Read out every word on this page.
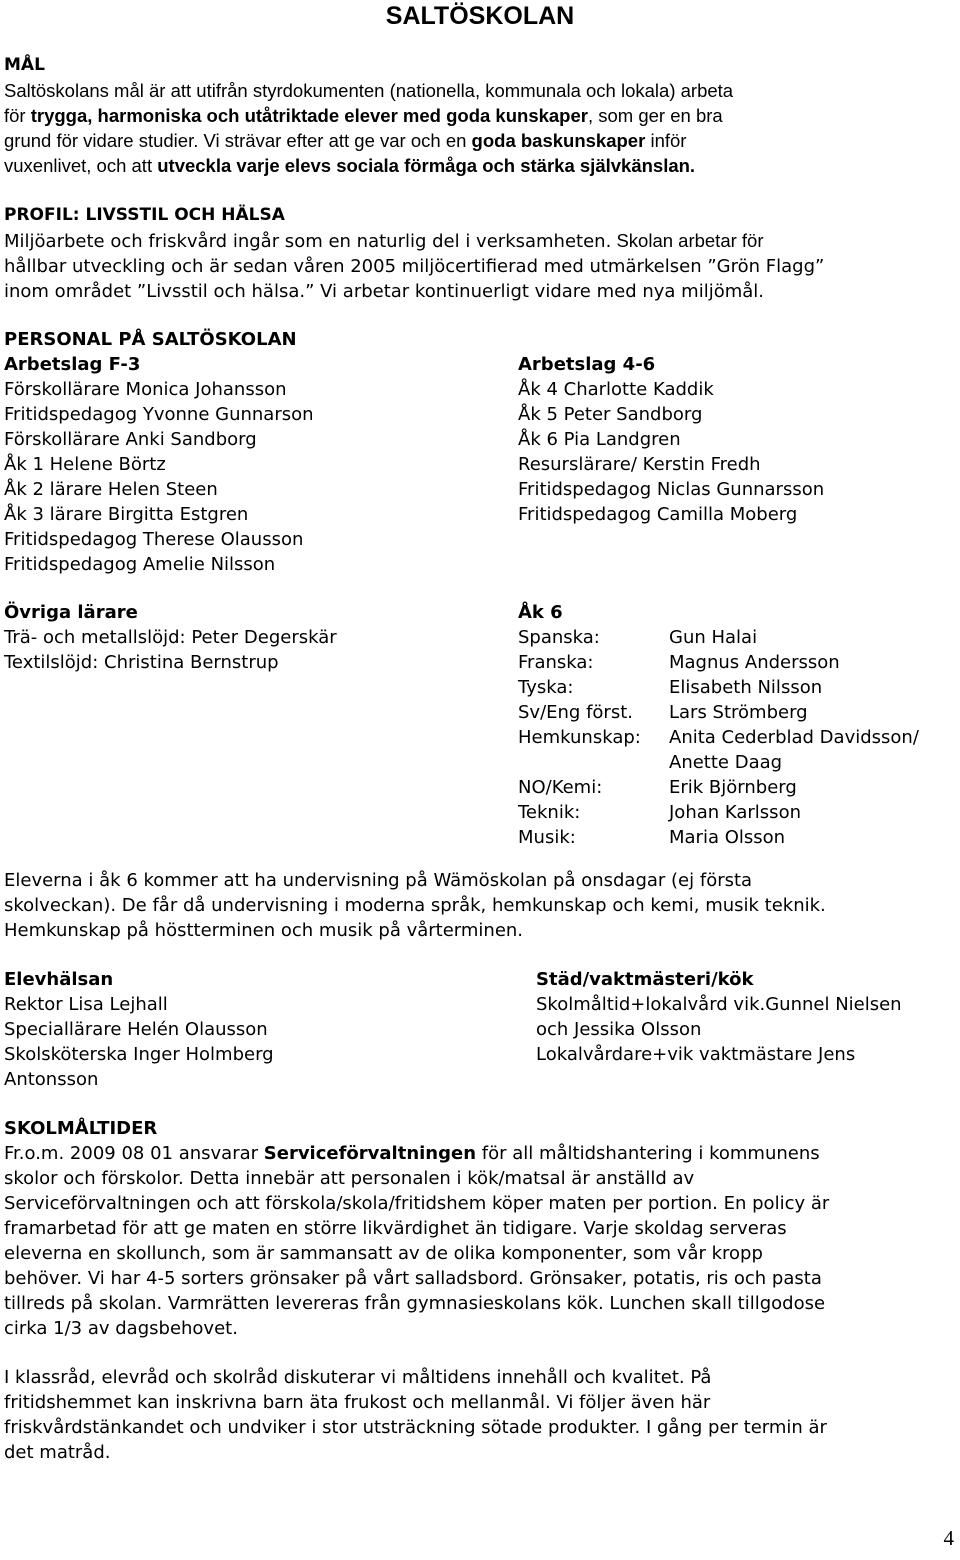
SALTÖSKOLAN

MÅL

Saltöskolans mål är att utifrån styrdokumenten (nationella, kommunala och lokala) arbeta

för trygga, harmoniska och utåtriktade elever med goda kunskaper, som ger en bra

grund för vidare studier. Vi strävar efter att ge var och en goda baskunskaper inför

vuxenlivet, och att utveckla varje elevs sociala förmåga och stärka självkänslan.

PROFIL: LIVSSTIL OCH HÄLSA

Miljöarbete och friskvård ingår som en naturlig del i verksamheten. Skolan arbetar för

hållbar utveckling och är sedan våren 2005 miljöcertifierad med utmärkelsen ”Grön Flagg”

inom området ”Livsstil och hälsa.” Vi arbetar kontinuerligt vidare med nya miljömål.

PERSONAL PÅ SALTÖSKOLAN
Arbetslag F-3
Förskollärare Monica Johansson
Fritidspedagog Yvonne Gunnarson
Förskollärare Anki Sandborg
Åk 1 Helene Börtz
Åk 2 lärare Helen Steen
Åk 3 lärare Birgitta Estgren
Fritidspedagog Therese Olausson
Fritidspedagog Amelie Nilsson
Arbetslag 4-6
Åk 4 Charlotte Kaddik
Åk 5 Peter Sandborg
Åk 6 Pia Landgren
Resurslärare/ Kerstin Fredh
Fritidspedagog Niclas Gunnarsson
Fritidspedagog Camilla Moberg
Övriga lärare
Trä- och metallslöjd: Peter Degerskär
Textilslöjd: Christina Bernstrup
Åk 6
Spanska:	Gun Halai
Franska:	Magnus Andersson
Tyska:	Elisabeth Nilsson
Sv/Eng först. Lars Strömberg
Hemkunskap: Anita Cederblad Davidsson/
Anette Daag
NO/Kemi:	Erik Björnberg
Teknik:	Johan Karlsson
Musik:	Maria Olsson

Eleverna i åk 6 kommer att ha undervisning på Wämöskolan på onsdagar (ej första

skolveckan). De får då undervisning i moderna språk, hemkunskap och kemi, musik teknik.

Hemkunskap på höstterminen och musik på vårterminen.

Elevhälsan
Rektor Lisa Lejhall
Speciallärare Helén Olausson
Skolsköterska Inger Holmberg
Antonsson
Städ/vaktmästeri/kök
Skolmåltid+lokalvård vik.Gunnel Nielsen
och Jessika Olsson
Lokalvårdare+vik vaktmästare Jens

SKOLMÅLTIDER

Fr.o.m. 2009 08 01 ansvarar Serviceförvaltningen för all måltidshantering i kommunens

skolor och förskolor. Detta innebär att personalen i kök/matsal är anställd av

Serviceförvaltningen och att förskola/skola/fritidshem köper maten per portion. En policy är

framarbetad för att ge maten en större likvärdighet än tidigare. Varje skoldag serveras

eleverna en skollunch, som är sammansatt av de olika komponenter, som vår kropp

behöver. Vi har 4-5 sorters grönsaker på vårt salladsbord. Grönsaker, potatis, ris och pasta

tillreds på skolan. Varmrätten levereras från gymnasieskolans kök. Lunchen skall tillgodose

cirka 1/3 av dagsbehovet.

I klassråd, elevråd och skolråd diskuterar vi måltidens innehåll och kvalitet. På

fritidshemmet kan inskrivna barn äta frukost och mellanmål. Vi följer även här

friskvårdstänkandet och undviker i stor utsträckning sötade produkter. I gång per termin är

det matråd.

4
